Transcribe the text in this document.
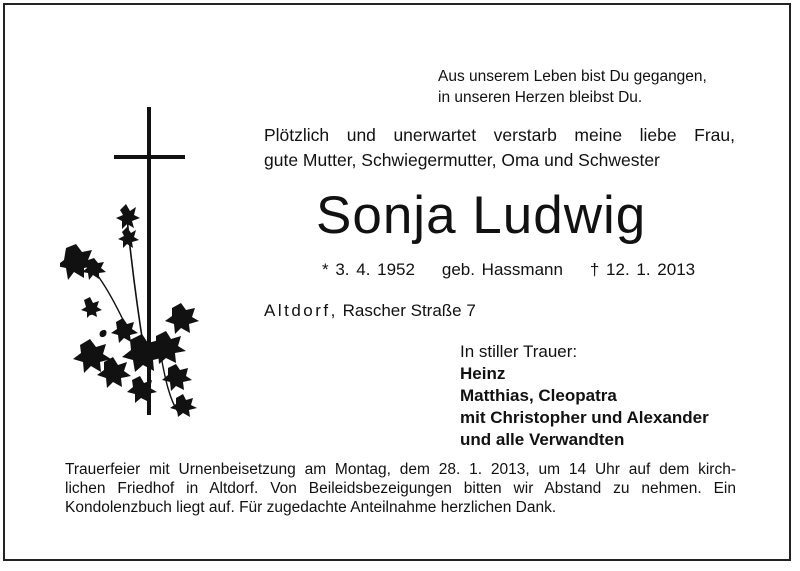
Aus unserem Leben bist Du gegangen,
in unseren Herzen bleibst Du.
Plötzlich und unerwartet verstarb meine liebe Frau,
gute Mutter, Schwiegermutter, Oma und Schwester
Sonja Ludwig
* 3. 4. 1952 geb. Hassmann † 12. 1. 2013
Altdorf, Rascher Straße 7
In stiller Trauer:
Heinz
Matthias, Cleopatra
mit Christopher und Alexander
und alle Verwandten
Trauerfeier mit Urnenbeisetzung am Montag, dem 28. 1. 2013, um 14 Uhr auf dem kirch-
lichen Friedhof in Altdorf. Von Beileidsbezeigungen bitten wir Abstand zu nehmen. Ein
Kondolenzbuch liegt auf. Für zugedachte Anteilnahme herzlichen Dank.
